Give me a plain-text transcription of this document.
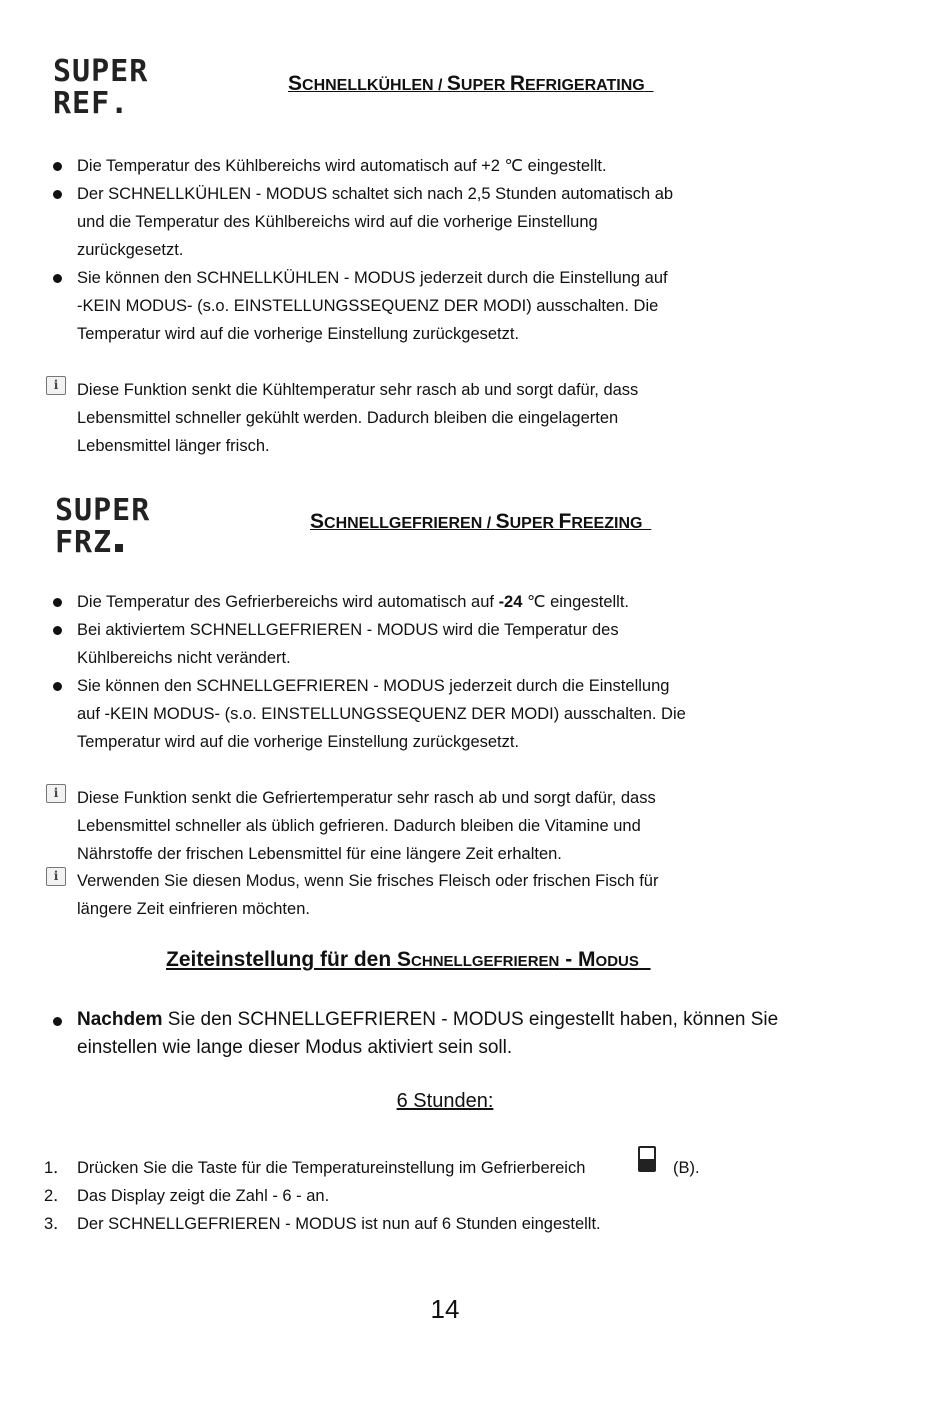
SUPER
REF.
SCHNELLKÜHLEN / SUPER REFRIGERATING
Die Temperatur des Kühlbereichs wird automatisch auf +2 ℃ eingestellt.
Der SCHNELLKÜHLEN - MODUS schaltet sich nach 2,5 Stunden automatisch ab
und die Temperatur des Kühlbereichs wird auf die vorherige Einstellung
zurückgesetzt.
Sie können den SCHNELLKÜHLEN - MODUS jederzeit durch die Einstellung auf
-KEIN MODUS- (s.o. EINSTELLUNGSSEQUENZ DER MODI) ausschalten. Die
Temperatur wird auf die vorherige Einstellung zurückgesetzt.
i	Diese Funktion senkt die Kühltemperatur sehr rasch ab und sorgt dafür, dass
Lebensmittel schneller gekühlt werden. Dadurch bleiben die eingelagerten
Lebensmittel länger frisch.
SUPER
FRZ
SCHNELLGEFRIEREN / SUPER FREEZING
Die Temperatur des Gefrierbereichs wird automatisch auf -24 ℃ eingestellt.
Bei aktiviertem SCHNELLGEFRIEREN - MODUS wird die Temperatur des
Kühlbereichs nicht verändert.
Sie können den SCHNELLGEFRIEREN - MODUS jederzeit durch die Einstellung
auf -KEIN MODUS- (s.o. EINSTELLUNGSSEQUENZ DER MODI) ausschalten. Die
Temperatur wird auf die vorherige Einstellung zurückgesetzt.
i	Diese Funktion senkt die Gefriertemperatur sehr rasch ab und sorgt dafür, dass
Lebensmittel schneller als üblich gefrieren. Dadurch bleiben die Vitamine und
Nährstoffe der frischen Lebensmittel für eine längere Zeit erhalten.
i	Verwenden Sie diesen Modus, wenn Sie frisches Fleisch oder frischen Fisch für
längere Zeit einfrieren möchten.
Zeiteinstellung für den Schnellgefrieren - Modus
Nachdem Sie den SCHNELLGEFRIEREN - MODUS eingestellt haben, können Sie
einstellen wie lange dieser Modus aktiviert sein soll.
6 Stunden:
1． Drücken Sie die Taste für die Temperatureinstellung im Gefrierbereich	(B).
2． Das Display zeigt die Zahl - 6 - an.
3． Der SCHNELLGEFRIEREN - MODUS ist nun auf 6 Stunden eingestellt.
14
